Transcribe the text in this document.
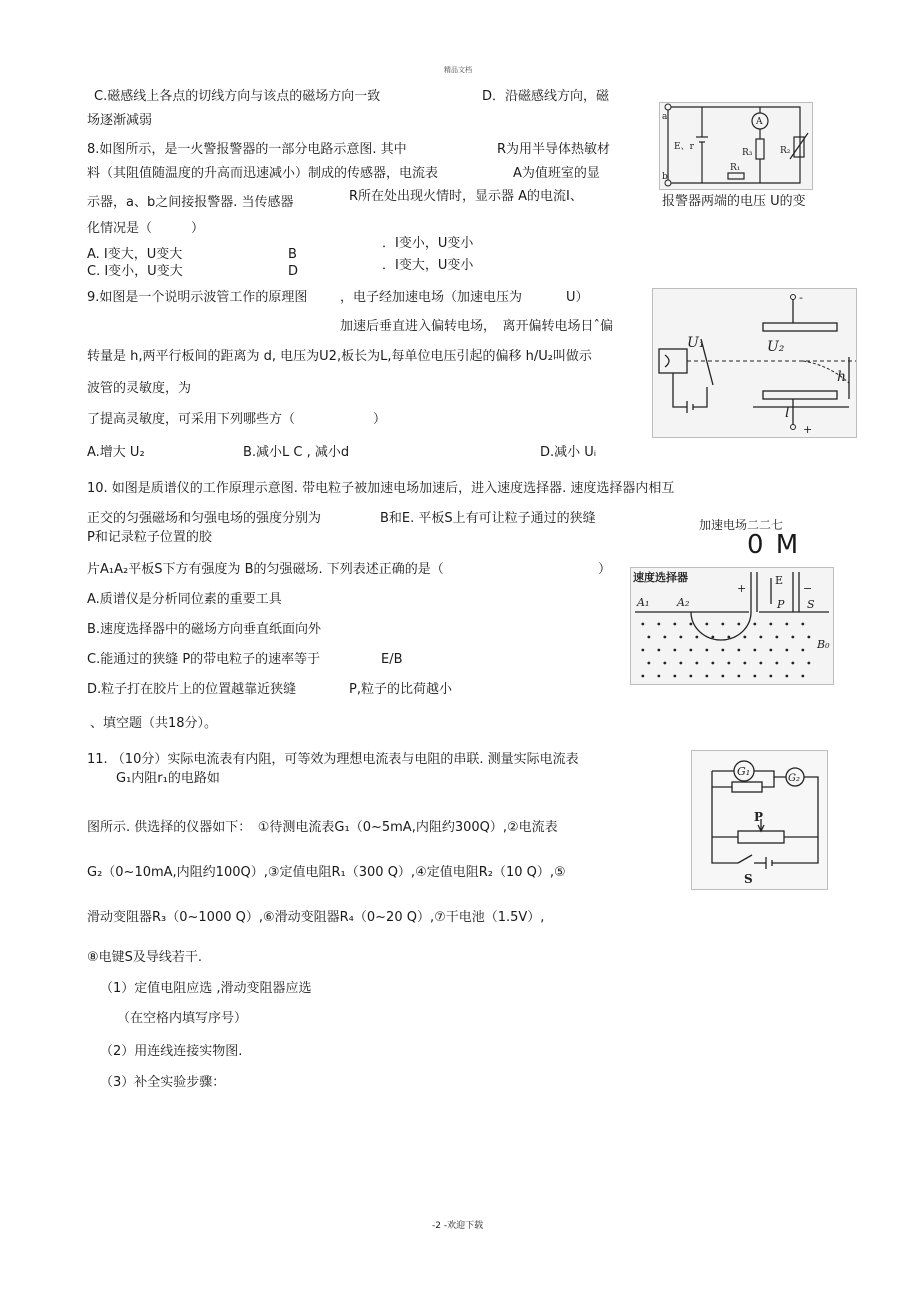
精品文档
-2 -欢迎下载
C.磁感线上各点的切线方向与该点的磁场方向一致	D．沿磁感线方向，磁
场逐渐减弱
8.如图所示，是一火警报警器的一部分电路示意图. 其中	R为用半导体热敏材
料（其阻值随温度的升高而迅速减小）制成的传感器，电流表	A为值班室的显
示器，a、b之间接报警器. 当传感器	R所在处出现火情时，显示器 A的电流I、	报警器两端的电压 U的变
化情况是（　　　）
A. I变大，U变大	B
．I变小，U变小
C. I变小，U变大	D	．I变大，U变小
A
E、r
a
b
R₁
R₃	R₂
9.如图是一个说明示波管工作的原理图	，电子经加速电场（加速电压为	U）
加速后垂直进入偏转电场，　离开偏转电场日ˆ偏
转量是 h,两平行板间的距离为 d, 电压为U2,板长为L,每单位电压引起的偏移 h/U₂叫做示
波管的灵敏度，为
了提高灵敏度，可采用下列哪些方（　　　　　　）
A.增大 U₂	B.减小L C , 减小d	D.减小 Uᵢ
U₁	U₂
h
l
-
+
10. 如图是质谱仪的工作原理示意图. 带电粒子被加速电场加速后，进入速度选择器. 速度选择器内相互
正交的匀强磁场和匀强电场的强度分别为	B和E. 平板S上有可让粒子通过的狭缝
P和记录粒子位置的胶
加速电场二二七
0 M
片A₁A₂平板S下方有强度为 B的匀强磁场. 下列表述正确的是（	）
A.质谱仪是分析同位素的重要工具
B.速度选择器中的磁场方向垂直纸面向外
C.能通过的狭缝 P的带电粒子的速率等于	E/B
D.粒子打在胶片上的位置越靠近狭缝	P,粒子的比荷越小
速度选择器	E
A₁	A₂	P S
B₀
+	−
、填空题（共18分）。
11. （10分）实际电流表有内阻，可等效为理想电流表与电阻的串联. 测量实际电流表
G₁内阻r₁的电路如
图所示. 供选择的仪器如下：　①待测电流表G₁（0~5mA,内阻约300Q）,②电流表
G₂（0~10mA,内阻约100Q）,③定值电阻R₁（300 Q）,④定值电阻R₂（10 Q）,⑤
滑动变阻器R₃（0~1000 Q）,⑥滑动变阻器R₄（0~20 Q）,⑦干电池（1.5V）,
⑧电键S及导线若干.
（1）定值电阻应选 ,滑动变阻器应选
（在空格内填写序号）
（2）用连线连接实物图.
（3）补全实验步骤：
G₁
G₂
P
S
